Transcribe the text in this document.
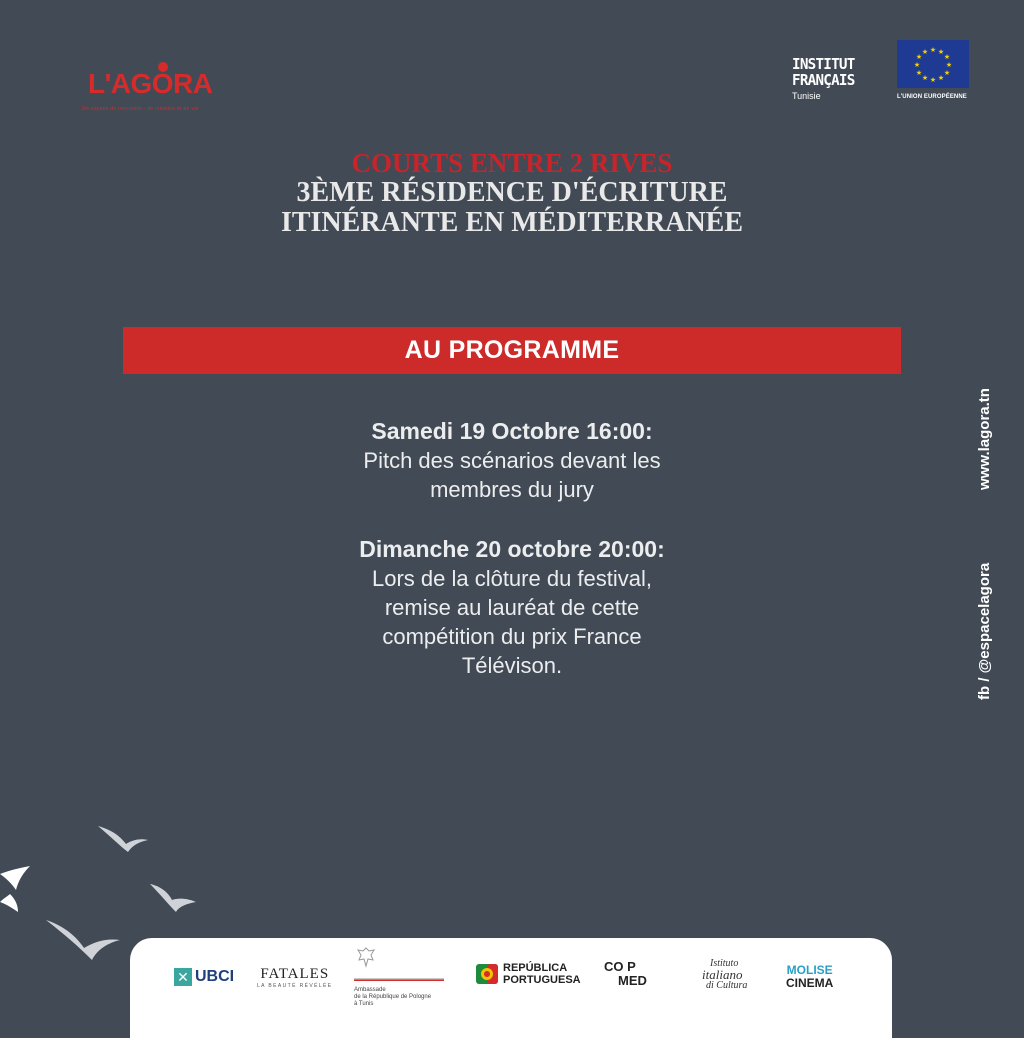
L'AGORA
Un espace de rencontre · de création et de vie
INSTITUT
FRANÇAIS
Tunisie
★ ★
★
★
★
★
★
★
★
★
★
★
L'UNION EUROPÉENNE
COURTS ENTRE 2 RIVES
3ÈME RÉSIDENCE D'ÉCRITURE
ITINÉRANTE EN MÉDITERRANÉE
AU PROGRAMME
Samedi 19 Octobre 16:00:
Pitch des scénarios devant les
membres du jury
Dimanche 20 octobre 20:00:
Lors de la clôture du festival,
remise au lauréat de cette
compétition du prix France
Télévison.
www.lagora.tn
fb / @espacelagora
✕ UBCI FATALES
LA BEAUTÉ RÉVÉLÉE
Ambassade
de la République de Pologne
à Tunis
REPÚBLICA
PORTUGUESA
CO P
MED
Istituto
italiano
di Cultura
MOLISE
CINEMA
